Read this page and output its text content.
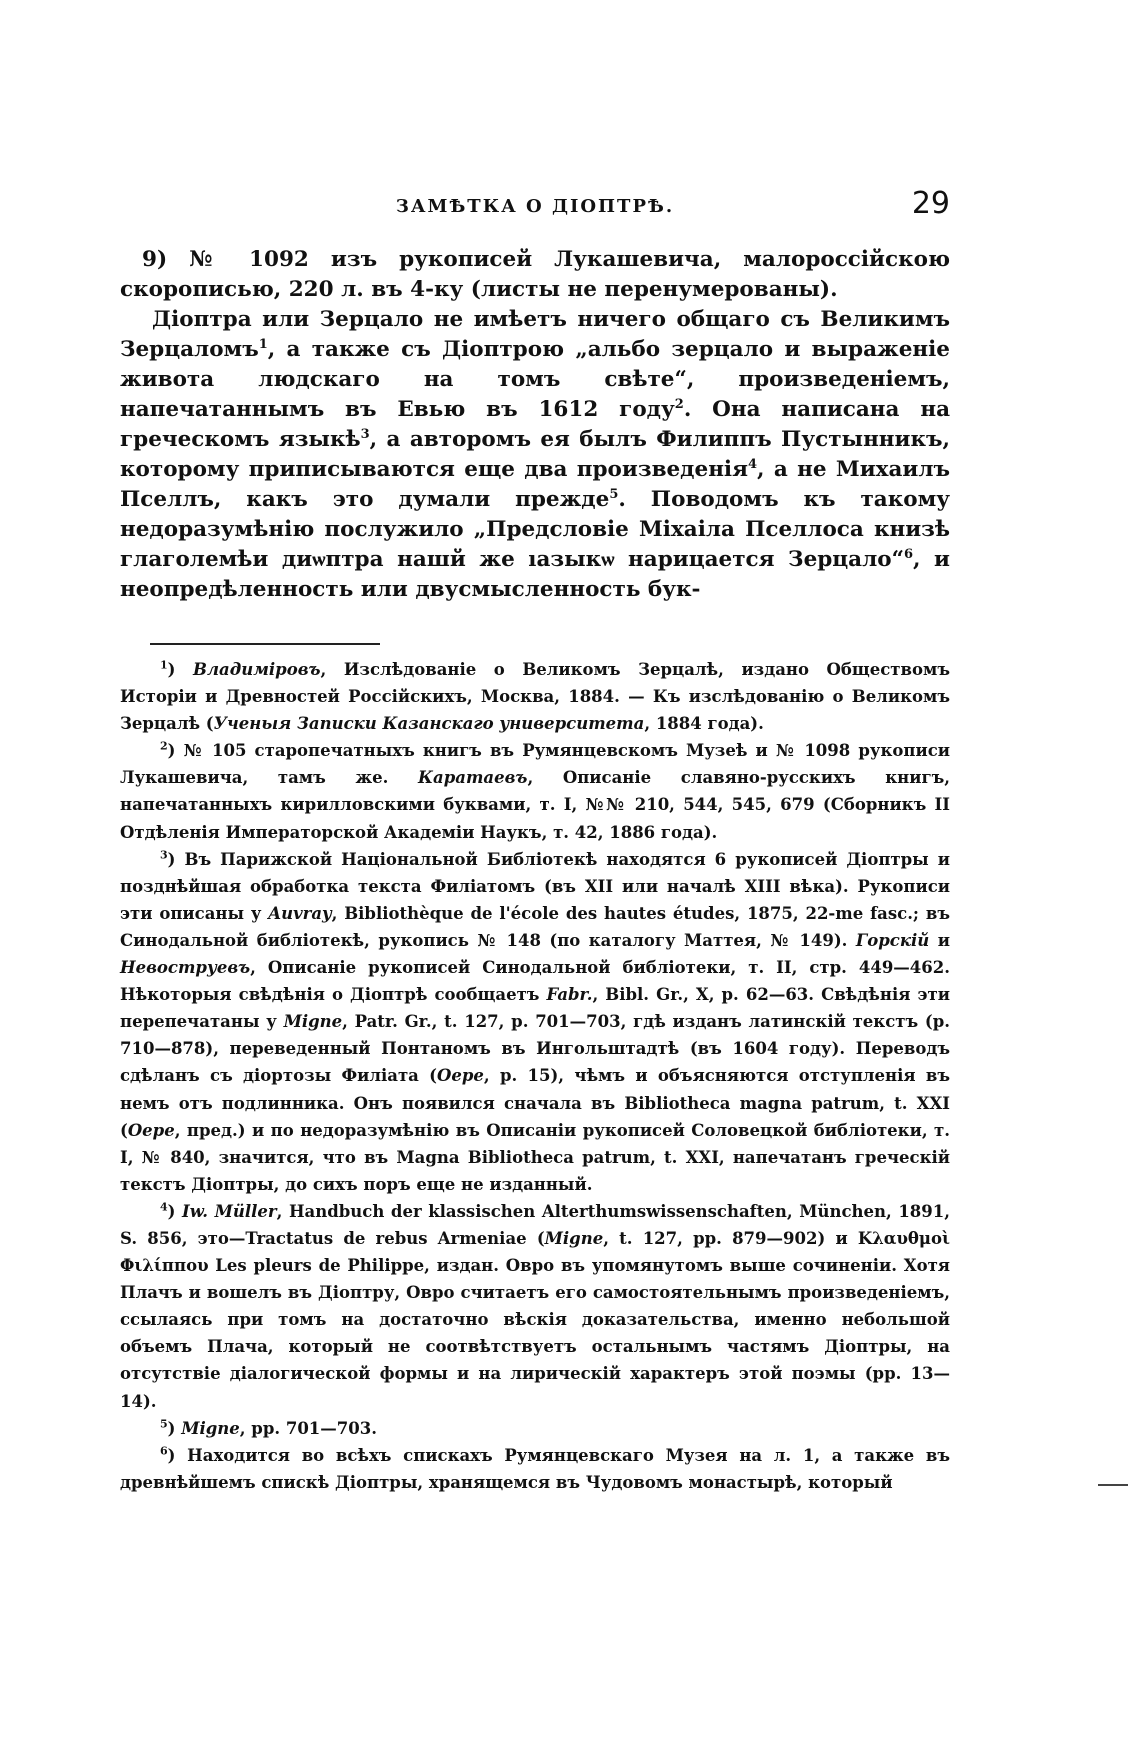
ЗАМѢТКА О ДІОПТРѢ.	29

9) № 1092 изъ рукописей Лукашевича, малороссійскою скорописью, 220 л. въ 4-ку (листы не перенумерованы).

Діоптра или Зерцало не имѣетъ ничего общаго съ Великимъ Зерцаломъ$^1$, а также съ Діоптрою „альбо зерцало и выраженіе живота людскаго на томъ свѣте“, произведеніемъ, напечатаннымъ въ Евью въ 1612 году$^2$. Она написана на греческомъ языкѣ$^3$, а авторомъ ея былъ Филиппъ Пустынникъ, которому приписываются еще два произведенія$^4$, а не Михаилъ Пселлъ, какъ это думали прежде$^5$. Поводомъ къ такому недоразумѣнію послужило „Предсловіе Міхаіла Пселлоса книзѣ глаголемѣи диѡптра нашй же ıазыкѡ нарицается Зерцало“$^6$, и неопредѣленность или двусмысленность бук-

$^1$) Владиміровъ, Изслѣдованіе о Великомъ Зерцалѣ, издано Обществомъ Исторіи и Древностей Россійскихъ, Москва, 1884. — Къ изслѣдованію о Великомъ Зерцалѣ (Ученыя Записки Казанскаго университета, 1884 года).

$^2$) № 105 старопечатныхъ книгъ въ Румянцевскомъ Музеѣ и № 1098 рукописи Лукашевича, тамъ же. Каратаевъ, Описаніе славяно-русскихъ книгъ, напечатанныхъ кирилловскими буквами, т. I, №№ 210, 544, 545, 679 (Сборникъ II Отдѣленія Императорской Академіи Наукъ, т. 42, 1886 года).

$^3$) Въ Парижской Національной Библіотекѣ находятся 6 рукописей Діоптры и позднѣйшая обработка текста Филіатомъ (въ XII или началѣ XIII вѣка). Рукописи эти описаны у Auvray, Bibliothèque de l'école des hautes études, 1875, 22-me fasc.; въ Синодальной библіотекѣ, рукопись № 148 (по каталогу Маттея, № 149). Горскій и Невоструевъ, Описаніе рукописей Синодальной библіотеки, т. II, стр. 449—462. Нѣкоторыя свѣдѣнія о Діоптрѣ сообщаетъ Fabr., Bibl. Gr., X, p. 62—63. Свѣдѣнія эти перепечатаны у Migne, Patr. Gr., t. 127, p. 701—703, гдѣ изданъ латинскій текстъ (p. 710—878), переведенный Понтаномъ въ Ингольштадтѣ (въ 1604 году). Переводъ сдѣланъ съ діортозы Филіата (Oepe, p. 15), чѣмъ и объясняются отступленія въ немъ отъ подлинника. Онъ появился сначала въ Bibliotheca magna patrum, t. XXI (Oepe, пред.) и по недоразумѣнію въ Описаніи рукописей Соловецкой библіотеки, т. I, № 840, значится, что въ Magna Bibliotheca patrum, t. XXI, напечатанъ греческій текстъ Діоптры, до сихъ поръ еще не изданный.

$^4$) Iw. Müller, Handbuch der klassischen Alterthumswissenschaften, München, 1891, S. 856, это—Tractatus de rebus Armeniae (Migne, t. 127, pp. 879—902) и Κλαυθμοὶ Φιλίππου Les pleurs de Philippe, издан. Оврo въ упомянутомъ выше сочиненіи. Хотя Плачъ и вошелъ въ Діоптру, Оврo считаетъ его самостоятельнымъ произведеніемъ, ссылаясь при томъ на достаточно вѣскія доказательства, именно небольшой объемъ Плача, который не соотвѣтствуетъ остальнымъ частямъ Діоптры, на отсутствіе діалогической формы и на лирическій характеръ этой поэмы (pp. 13—14).

$^5$) Migne, pp. 701—703.

$^6$) Находится во всѣхъ спискахъ Румянцевскаго Музея на л. 1, а также въ древнѣйшемъ спискѣ Діоптры, хранящемся въ Чудовомъ монастырѣ, который
